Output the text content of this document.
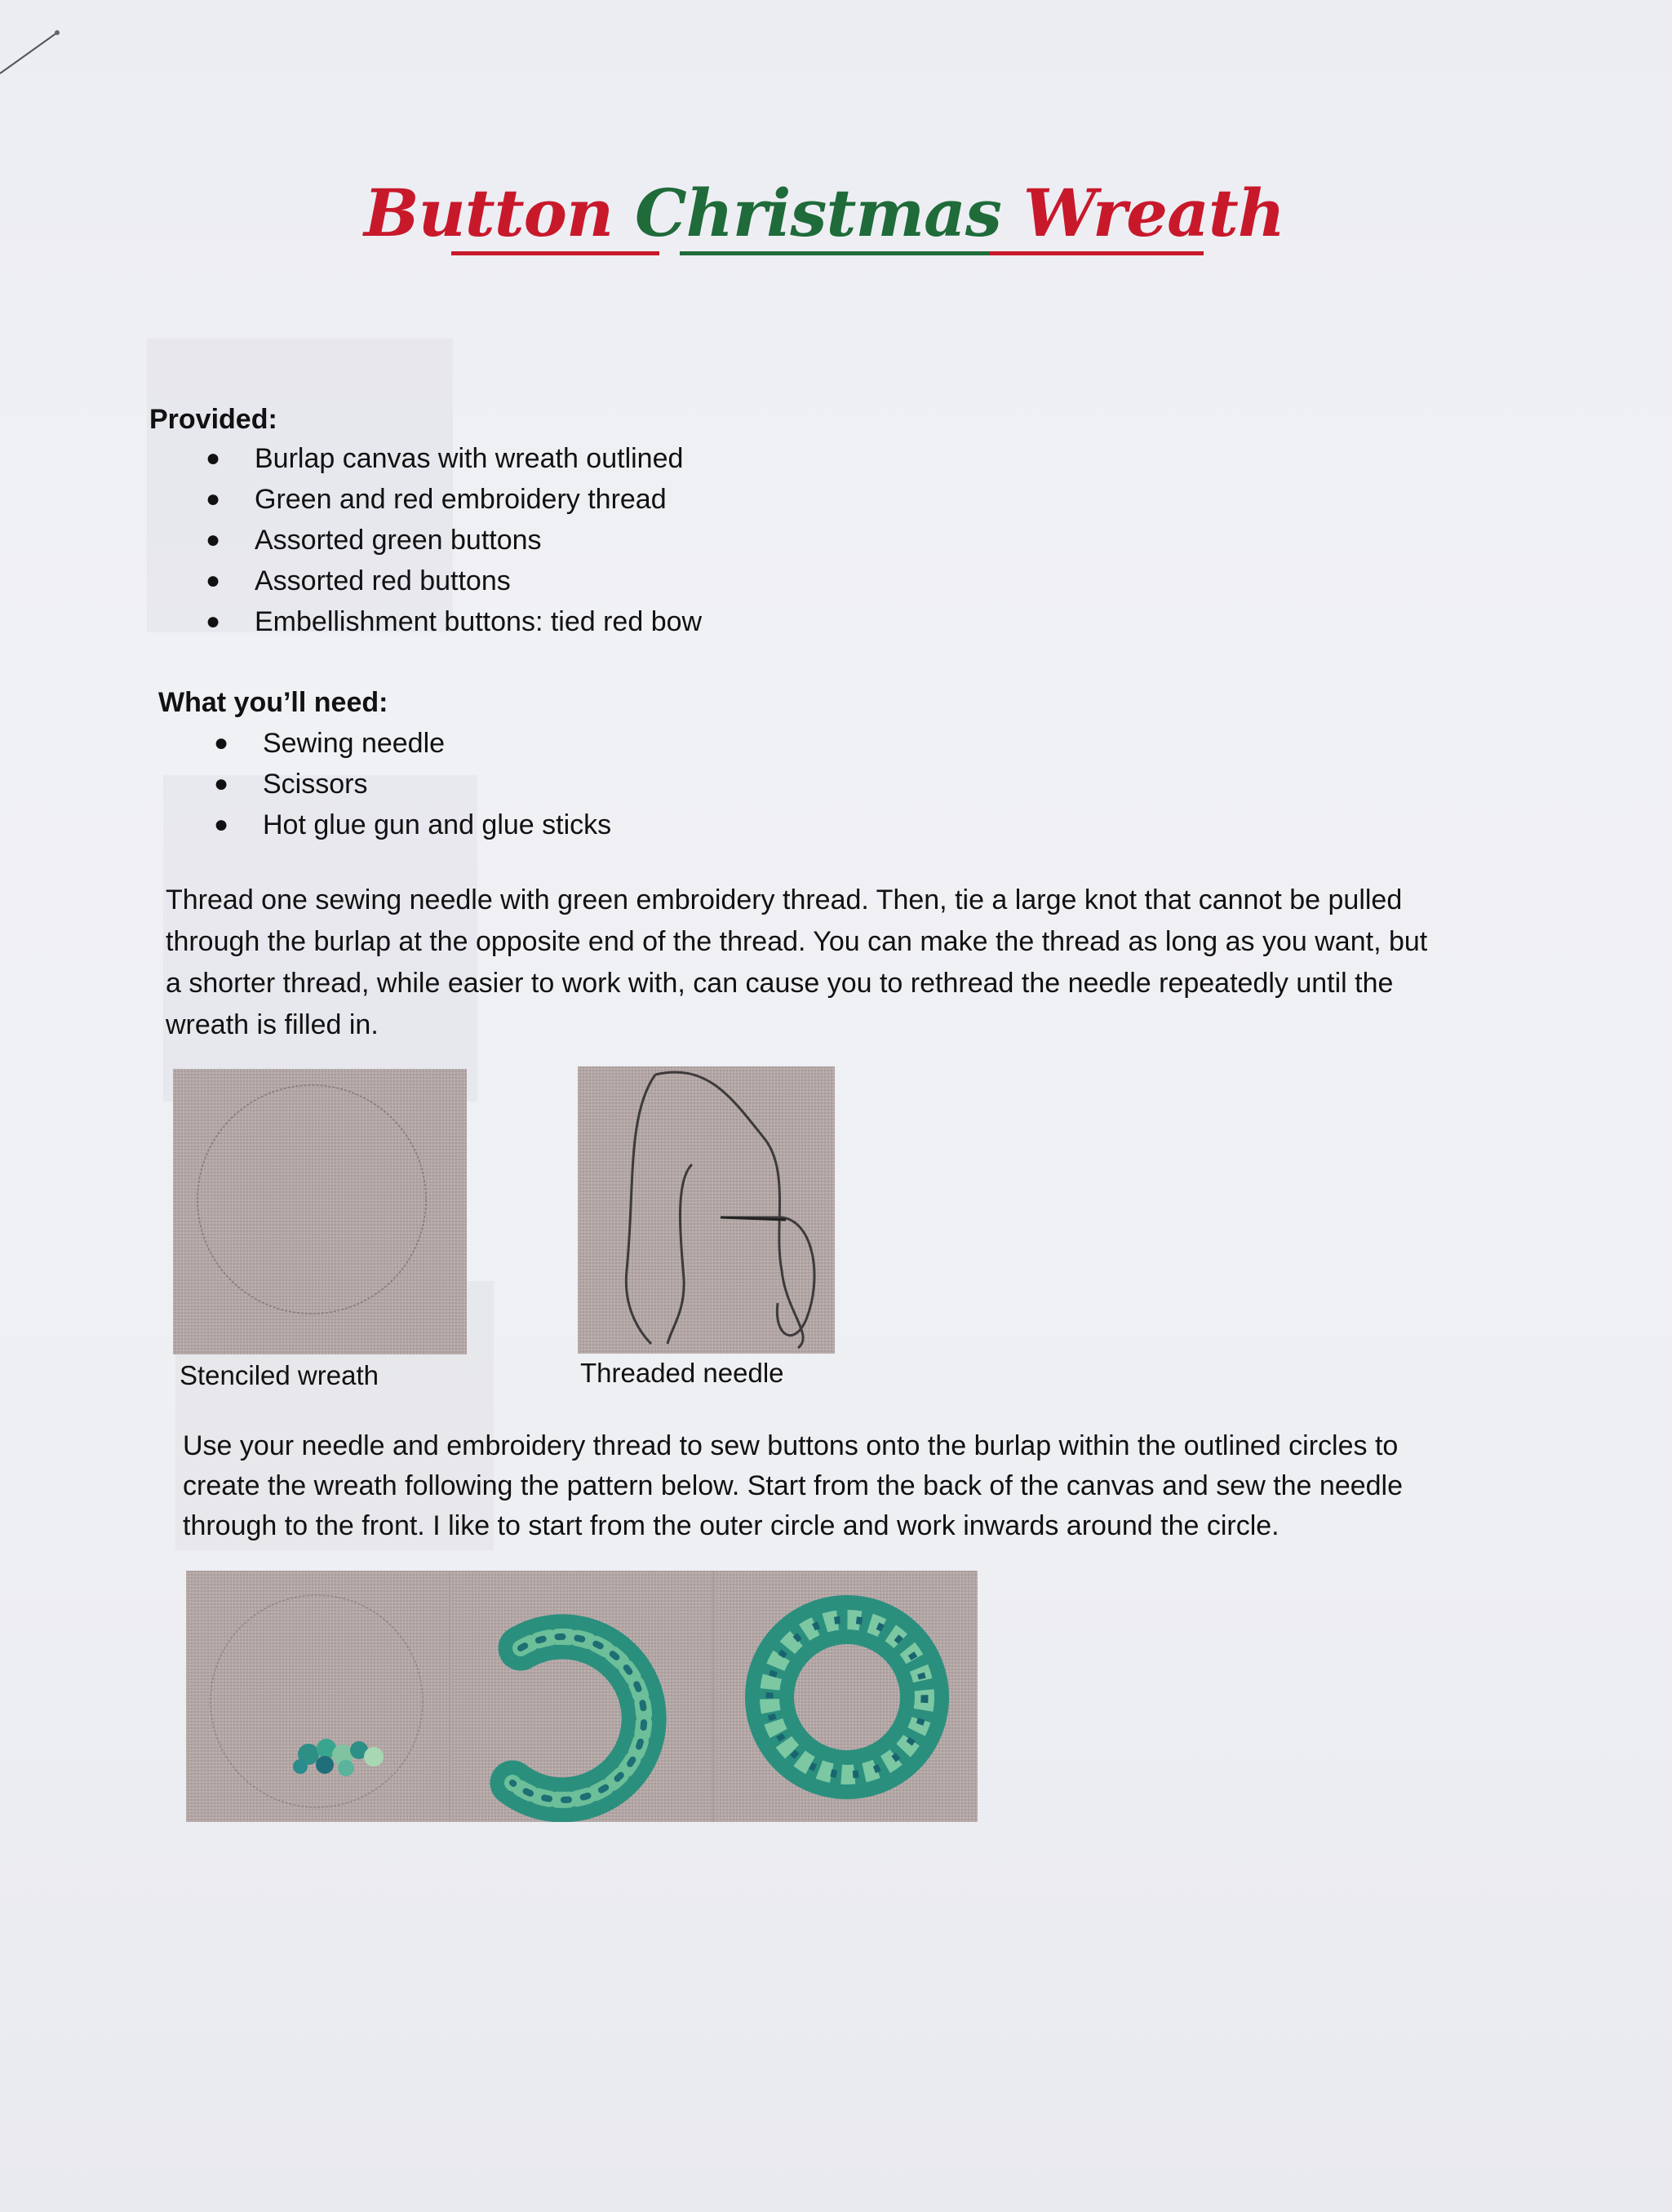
Button Christmas Wreath
Provided:
● Burlap canvas with wreath outlined
● Green and red embroidery thread
● Assorted green buttons
● Assorted red buttons
● Embellishment buttons: tied red bow
What you’ll need:
● Sewing needle
● Scissors
● Hot glue gun and glue sticks
Thread one sewing needle with green embroidery thread. Then, tie a large knot that cannot be pulled
through the burlap at the opposite end of the thread. You can make the thread as long as you want, but
a shorter thread, while easier to work with, can cause you to rethread the needle repeatedly until the
wreath is filled in.
Stenciled wreath	Threaded needle
Use your needle and embroidery thread to sew buttons onto the burlap within the outlined circles to
create the wreath following the pattern below. Start from the back of the canvas and sew the needle
through to the front. I like to start from the outer circle and work inwards around the circle.
